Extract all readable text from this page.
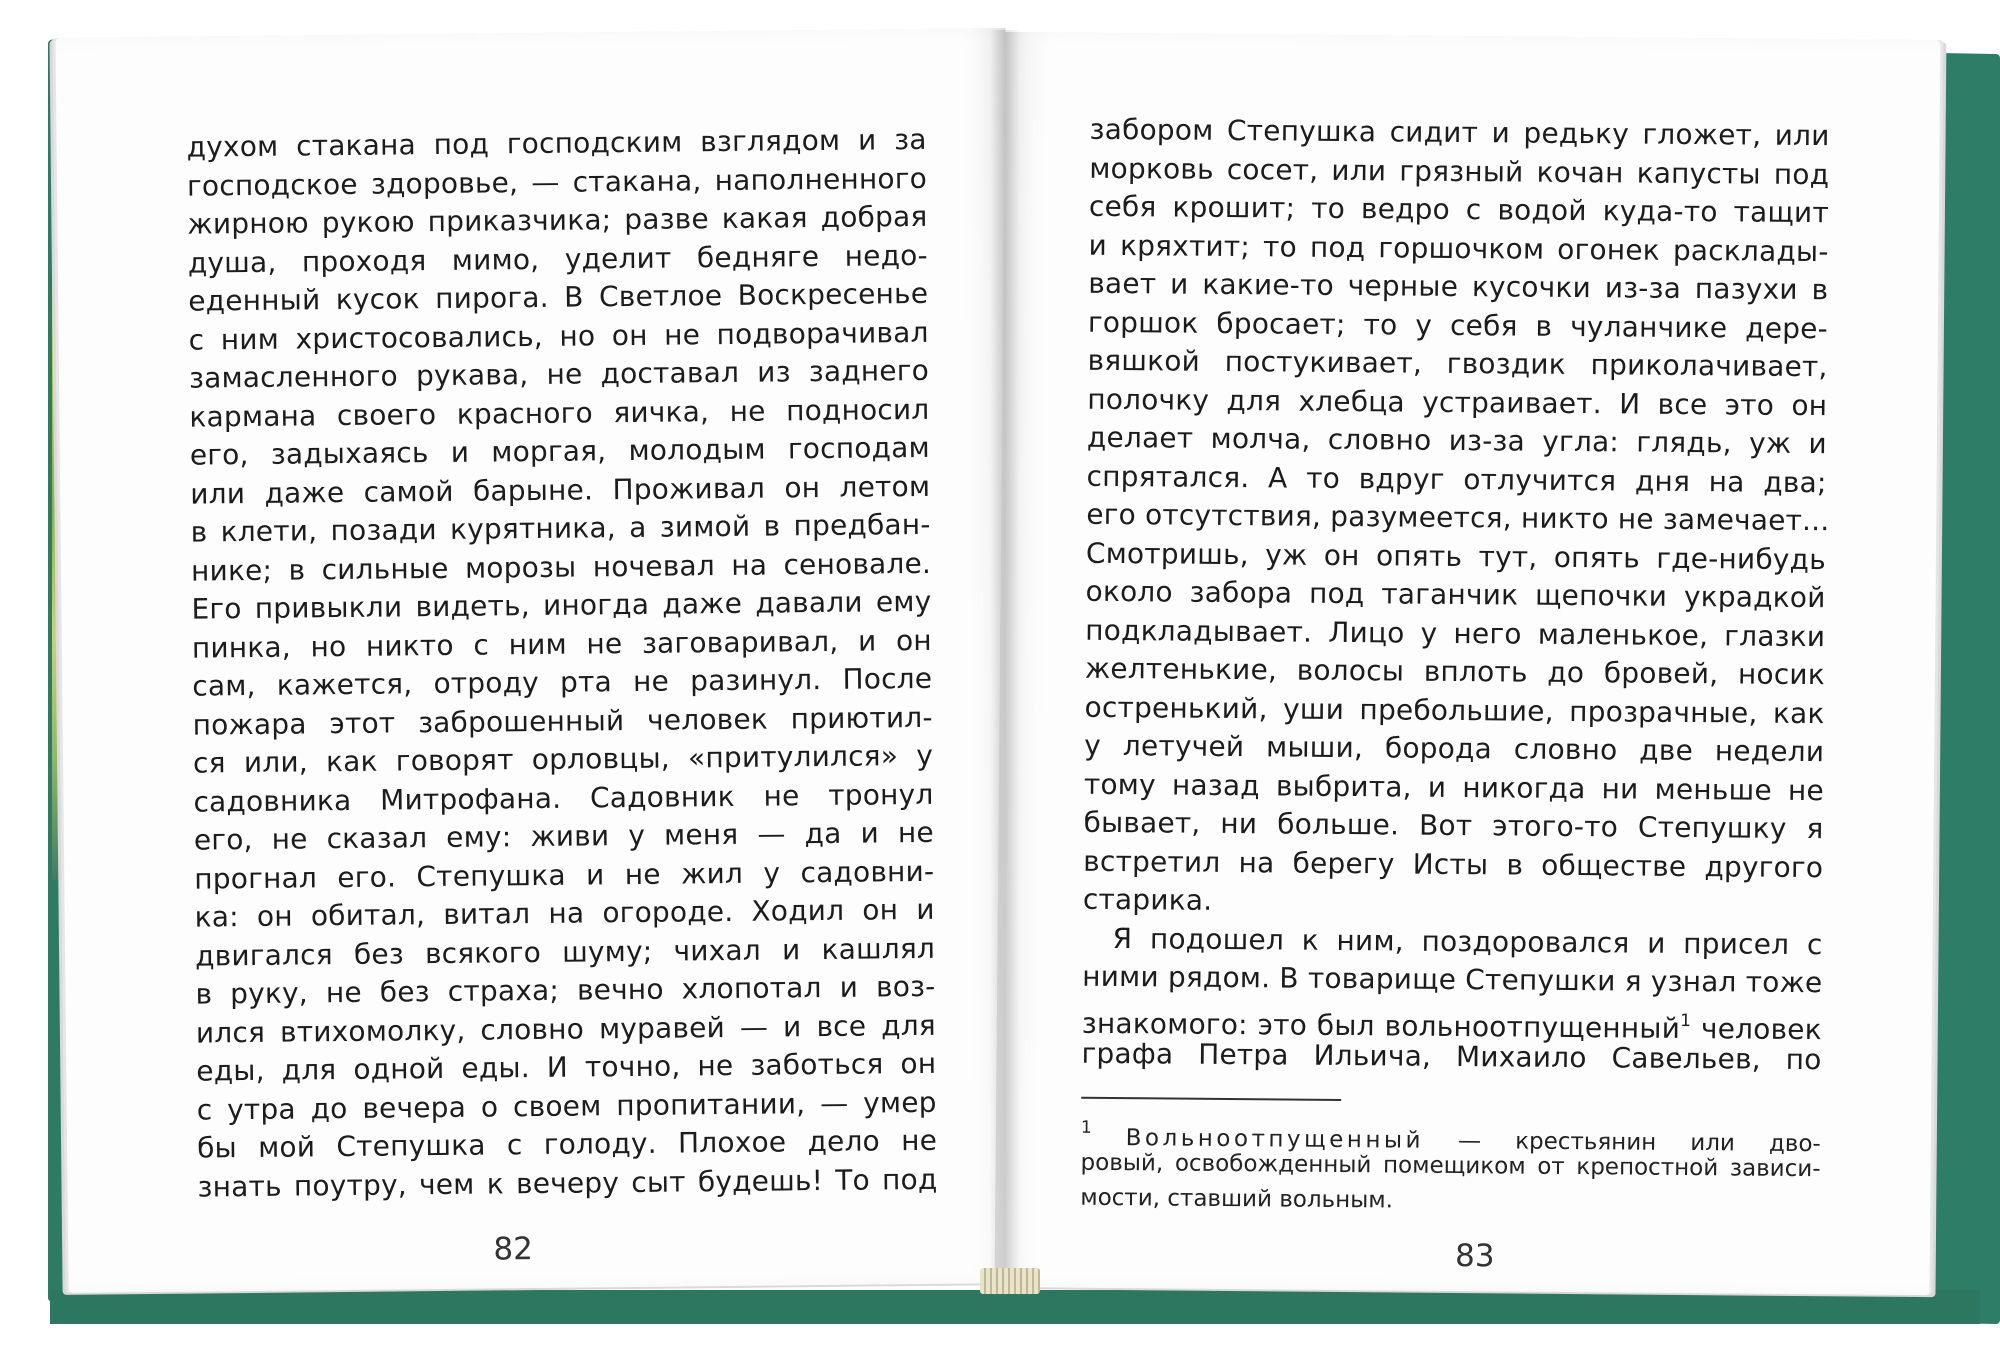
духом стакана под господским взглядом и за
господское здоровье, — стакана, наполненного
жирною рукою приказчика; разве какая добрая
душа, проходя мимо, уделит бедняге недо-
еденный кусок пирога. В Светлое Воскресенье
с ним христосовались, но он не подворачивал
замасленного рукава, не доставал из заднего
кармана своего красного яичка, не подносил
его, задыхаясь и моргая, молодым господам
или даже самой барыне. Проживал он летом
в клети, позади курятника, а зимой в предбан-
нике; в сильные морозы ночевал на сеновале.
Его привыкли видеть, иногда даже давали ему
пинка, но никто с ним не заговаривал, и он
сам, кажется, отроду рта не разинул. После
пожара этот заброшенный человек приютил-
ся или, как говорят орловцы, «притулился» у
садовника Митрофана. Садовник не тронул
его, не сказал ему: живи у меня — да и не
прогнал его. Степушка и не жил у садовни-
ка: он обитал, витал на огороде. Ходил он и
двигался без всякого шуму; чихал и кашлял
в руку, не без страха; вечно хлопотал и воз-
ился втихомолку, словно муравей — и все для
еды, для одной еды. И точно, не заботься он
с утра до вечера о своем пропитании, — умер
бы мой Степушка с голоду. Плохое дело не
знать поутру, чем к вечеру сыт будешь! То под
82
забором Степушка сидит и редьку гложет, или
морковь сосет, или грязный кочан капусты под
себя крошит; то ведро с водой куда-то тащит
и кряхтит; то под горшочком огонек расклады-
вает и какие-то черные кусочки из-за пазухи в
горшок бросает; то у себя в чуланчике дере-
вяшкой постукивает, гвоздик приколачивает,
полочку для хлебца устраивает. И все это он
делает молча, словно из-за угла: глядь, уж и
спрятался. А то вдруг отлучится дня на два;
его отсутствия, разумеется, никто не замечает...
Смотришь, уж он опять тут, опять где-нибудь
около забора под таганчик щепочки украдкой
подкладывает. Лицо у него маленькое, глазки
желтенькие, волосы вплоть до бровей, носик
остренький, уши пребольшие, прозрачные, как
у летучей мыши, борода словно две недели
тому назад выбрита, и никогда ни меньше не
бывает, ни больше. Вот этого-то Степушку я
встретил на берегу Исты в обществе другого
старика.
Я подошел к ним, поздоровался и присел с
ними рядом. В товарище Степушки я узнал тоже
знакомого: это был вольноотпущенный$^1$ человек
графа Петра Ильича, Михаило Савельев, по
$^1$ Вольноотпущенный — крестьянин или дво-
ровый, освобожденный помещиком от крепостной зависи-
мости, ставший вольным.
83
